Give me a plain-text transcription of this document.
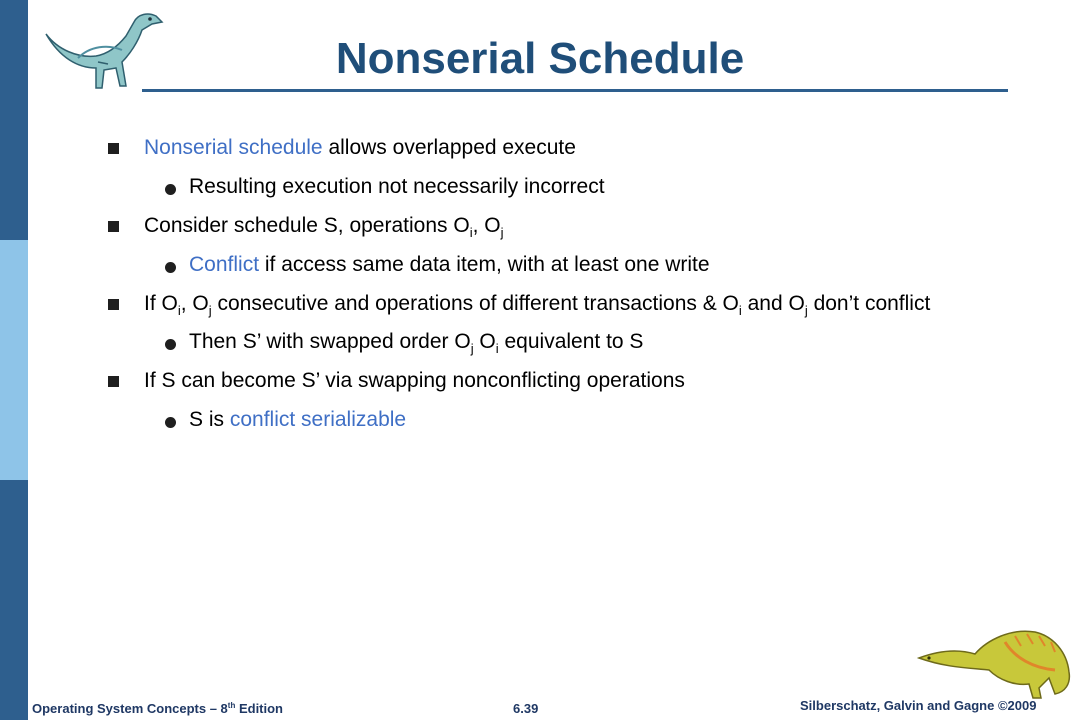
Nonserial Schedule
Nonserial schedule allows overlapped execute
Resulting execution not necessarily incorrect
Consider schedule S, operations $O_i$, $O_j$
Conflict if access same data item, with at least one write
If $O_i$, $O_j$ consecutive and operations of different transactions & $O_i$ and $O_j$ don’t conflict
Then S’ with swapped order $O_j$ $O_i$ equivalent to S
If S can become S’ via swapping nonconflicting operations
S is conflict serializable
Operating System Concepts – 8th Edition	6.39	Silberschatz, Galvin and Gagne ©2009
